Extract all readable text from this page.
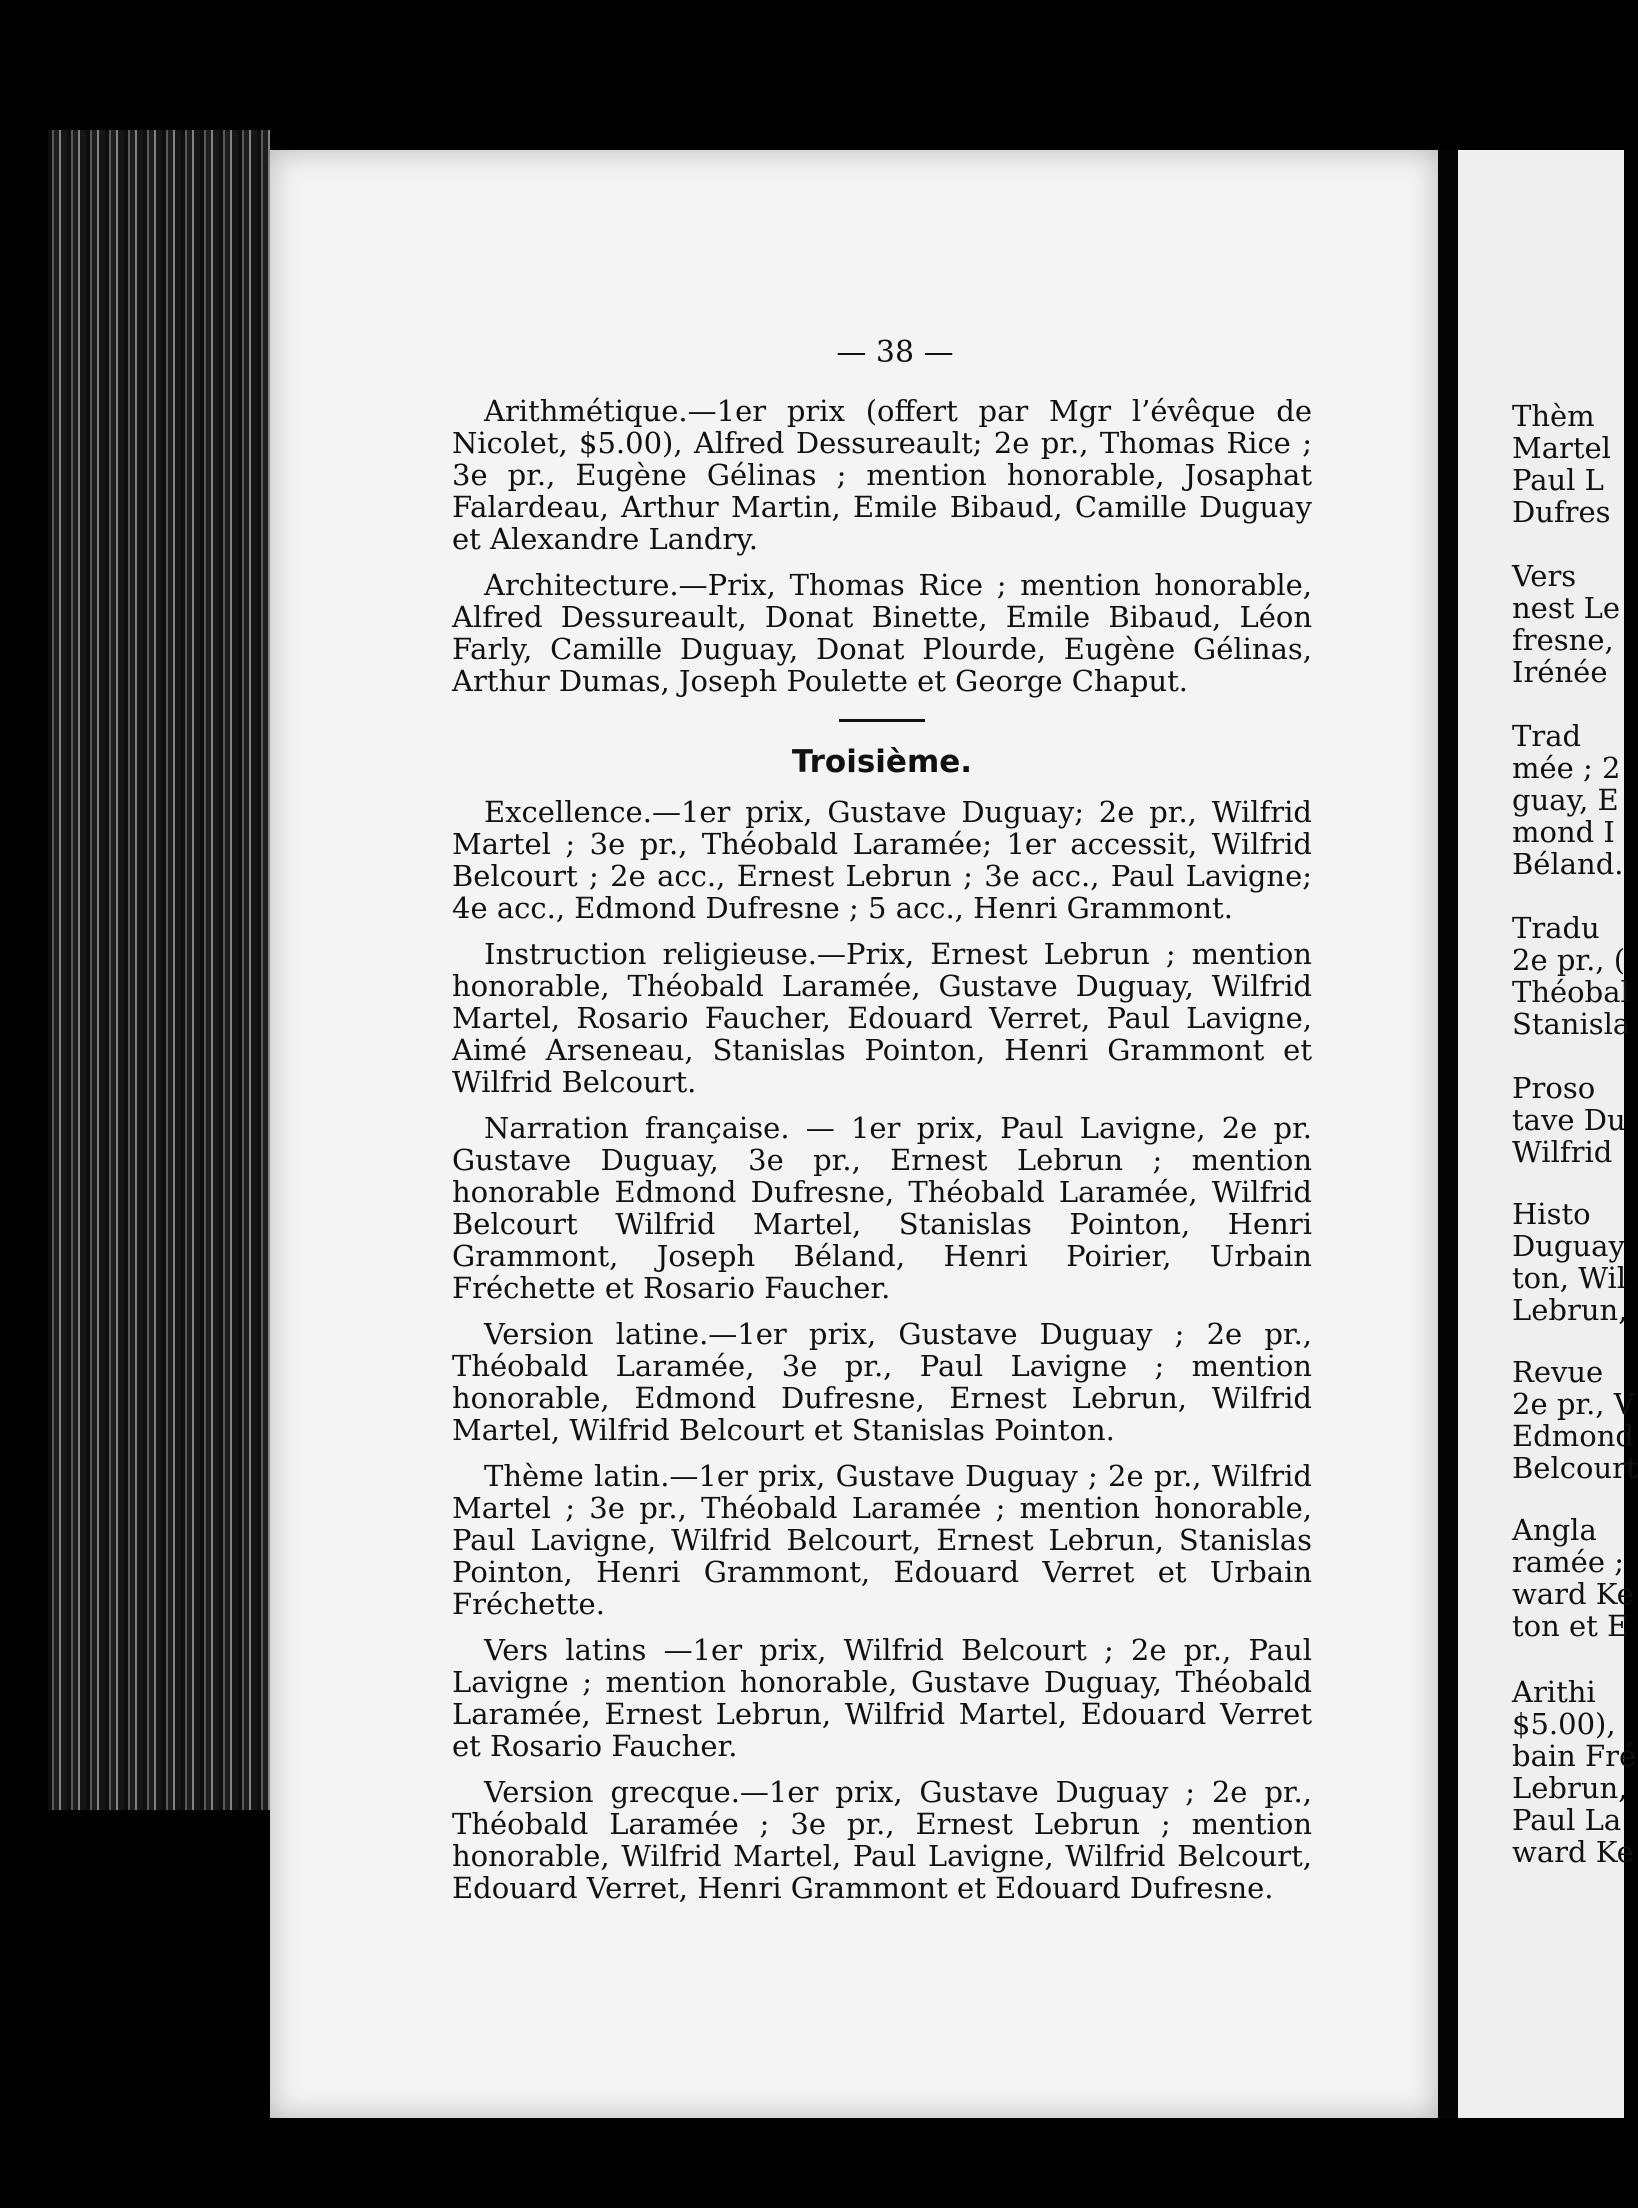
— 38 —

Arithmétique.—1er prix (offert par Mgr l’évêque de Nicolet, $5.00), Alfred Dessureault; 2e pr., Thomas Rice ; 3e pr., Eugène Gélinas ; mention honorable, Josaphat Falardeau, Arthur Martin, Emile Bibaud, Camille Duguay et Alexandre Landry.

Architecture.—Prix, Thomas Rice ; mention honorable, Alfred Dessureault, Donat Binette, Emile Bibaud, Léon Farly, Camille Duguay, Donat Plourde, Eugène Gélinas, Arthur Dumas, Joseph Poulette et George Chaput.

Troisième.

Excellence.—1er prix, Gustave Duguay; 2e pr., Wilfrid Martel ; 3e pr., Théobald Laramée; 1er accessit, Wilfrid Belcourt ; 2e acc., Ernest Lebrun ; 3e acc., Paul Lavigne; 4e acc., Edmond Dufresne ; 5 acc., Henri Grammont.

Instruction religieuse.—Prix, Ernest Lebrun ; mention honorable, Théobald Laramée, Gustave Duguay, Wilfrid Martel, Rosario Faucher, Edouard Verret, Paul Lavigne, Aimé Arseneau, Stanislas Pointon, Henri Grammont et Wilfrid Belcourt.

Narration française. — 1er prix, Paul Lavigne, 2e pr. Gustave Duguay, 3e pr., Ernest Lebrun ; mention honorable Edmond Dufresne, Théobald Laramée, Wilfrid Belcourt Wilfrid Martel, Stanislas Pointon, Henri Grammont, Joseph Béland, Henri Poirier, Urbain Fréchette et Rosario Faucher.

Version latine.—1er prix, Gustave Duguay ; 2e pr., Théobald Laramée, 3e pr., Paul Lavigne ; mention honorable, Edmond Dufresne, Ernest Lebrun, Wilfrid Martel, Wilfrid Belcourt et Stanislas Pointon.

Thème latin.—1er prix, Gustave Duguay ; 2e pr., Wilfrid Martel ; 3e pr., Théobald Laramée ; mention honorable, Paul Lavigne, Wilfrid Belcourt, Ernest Lebrun, Stanislas Pointon, Henri Grammont, Edouard Verret et Urbain Fréchette.

Vers latins —1er prix, Wilfrid Belcourt ; 2e pr., Paul Lavigne ; mention honorable, Gustave Duguay, Théobald Laramée, Ernest Lebrun, Wilfrid Martel, Edouard Verret et Rosario Faucher.

Version grecque.—1er prix, Gustave Duguay ; 2e pr., Théobald Laramée ; 3e pr., Ernest Lebrun ; mention honorable, Wilfrid Martel, Paul Lavigne, Wilfrid Belcourt, Edouard Verret, Henri Grammont et Edouard Dufresne.

Thèm
Martel
Paul L
Dufres
Vers
nest Le
fresne,
Irénée
Trad
mée ; 2
guay, E
mond I
Béland.
Tradu
2e pr., (
Théobal
Stanisla
Proso
tave Du
Wilfrid
Histo
Duguay
ton, Wil
Lebrun,
Revue
2e pr., V
Edmond
Belcourt
Angla
ramée ;
ward Ke
ton et E
Arithi
$5.00),
bain Fré
Lebrun,
Paul La
ward Ke
